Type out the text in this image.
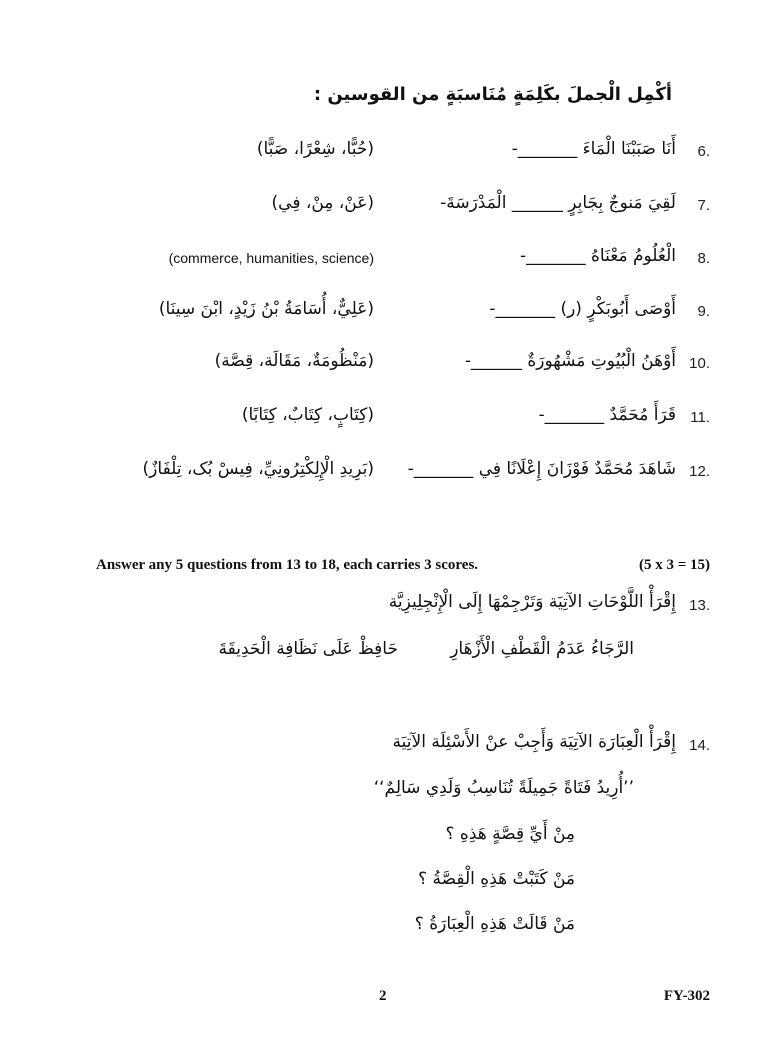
أكْمِل الْجملَ بكَلِمَةٍ مُنَاسبَةٍ من القوسين :
6.
أَنَا صَبَبْنَا الْمَاءَ _______-
(حُبًّا، شِعْرًا، صَبًّا)
7.
لَقِيَ مَنوجٌ بِجَابِرٍ ______ الْمَدْرَسَةَ-
(عَنْ، مِنْ، فِي)
8.
الْعُلُومُ مَعْنَاهُ _______-
(commerce, humanities, science)
9.
أَوْصَى أَبُوبَكْرٍ (ر) _______-
(عَلِيٌّ، أُسَامَةُ بْنُ زَيْدٍ، ابْنَ سِينَا)
10.
أَوْهَنُ الْبُيُوتِ مَشْهُورَةٌ ______-
(مَنْظُومَةٌ، مَقَالَة، قِصَّة)
11.
قَرَأَ مُحَمَّدٌ _______-
(كِتَابٍ، كِتَابٌ، كِتَابًا)
12.
شَاهَدَ مُحَمَّدٌ فَوْزَانَ إِعْلَانًا فِي _______-
(بَرِيدِ الْإِلِكْتِرُونِيِّ، فِيسْ بُک، تِلْفَازٌ)
Answer any 5 questions from 13 to 18, each carries 3 scores.	(5 x 3 = 15)
13.
إِقْرَأْ اللَّوْحَاتِ الآتِيَة وَتَرْجِمْهَا إِلَى الْإِنْجِلِيزِيَّة
الرَّجَاءُ عَدَمُ الْقَطْفِ الْأَزْهَارِ
حَافِظْ عَلَى نَظَافِة الْحَدِيقَةَ
14.
إِقْرَأْ الْعِبَارَة الآتِيَة وَأَجِبْ عنْ الأَسْئِلَة الآتِيَة
’’أُرِيدُ فَتَاةً جَمِيلَةً تُنَاسِبُ وَلَدِي سَالِمٌ‘‘
مِنْ أَيِّ قِصَّةٍ هَذِهِ ؟
مَنْ كَتَبْتْ هَذِهِ الْقِصَّةُ ؟
مَنْ قَالَتْ هَذِهِ الْعِبَارَةُ ؟
2	FY-302
